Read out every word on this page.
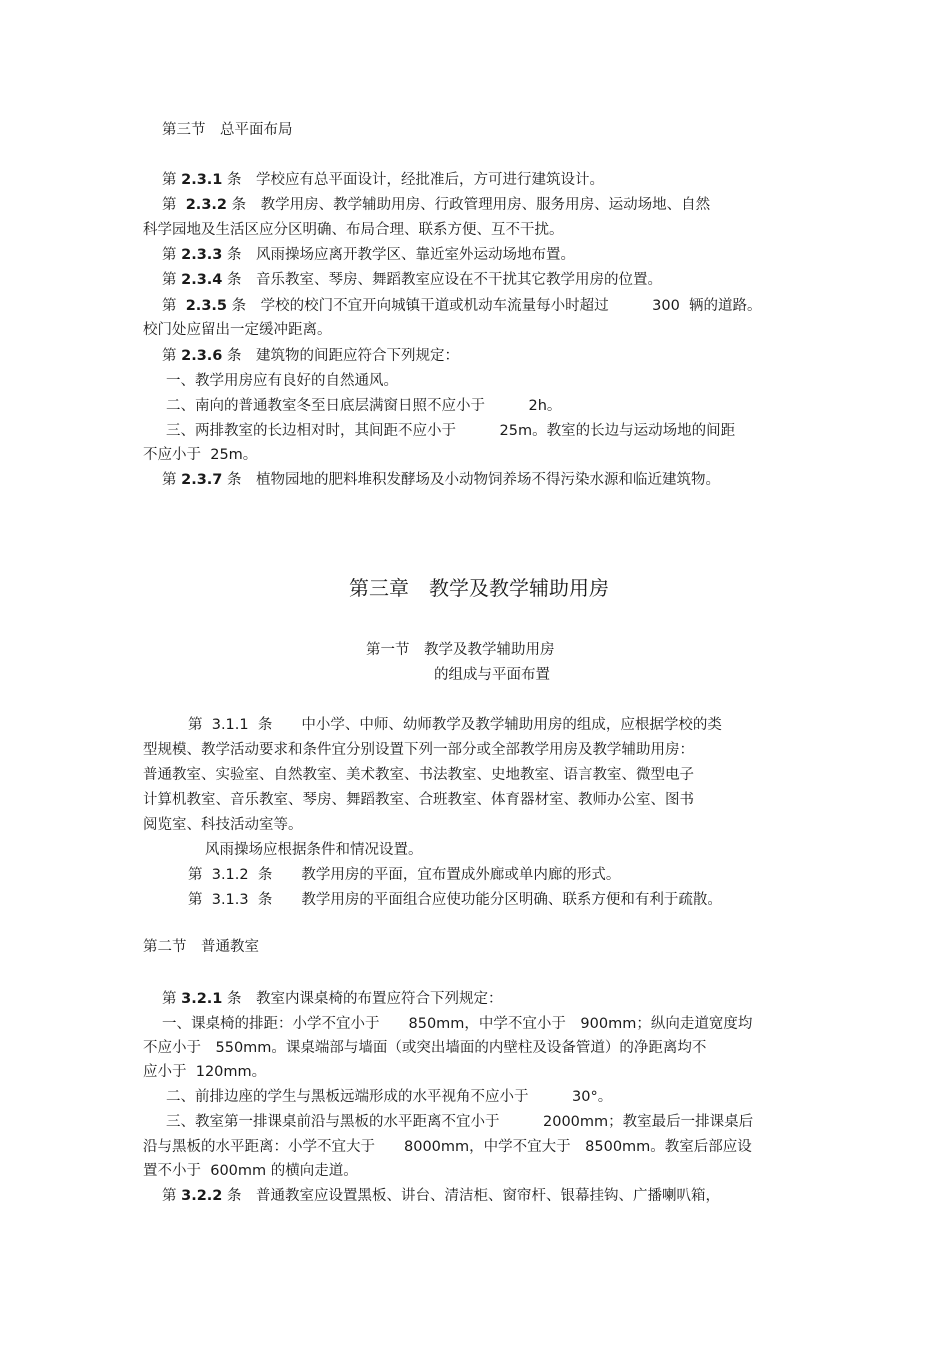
第三节　总平面布局
第 2.3.1 条　学校应有总平面设计，经批准后，方可进行建筑设计。
第  2.3.2 条　教学用房、教学辅助用房、行政管理用房、服务用房、运动场地、自然
科学园地及生活区应分区明确、布局合理、联系方便、互不干扰。
第 2.3.3 条　风雨操场应离开教学区、靠近室外运动场地布置。
第 2.3.4 条　音乐教室、琴房、舞蹈教室应设在不干扰其它教学用房的位置。
第  2.3.5 条　学校的校门不宜开向城镇干道或机动车流量每小时超过　　　300  辆的道路。
校门处应留出一定缓冲距离。
第 2.3.6 条　建筑物的间距应符合下列规定：
一、教学用房应有良好的自然通风。
二、南向的普通教室冬至日底层满窗日照不应小于　　　2h。
三、两排教室的长边相对时，其间距不应小于　　　25m。教室的长边与运动场地的间距
不应小于  25m。
第 2.3.7 条　植物园地的肥料堆积发酵场及小动物饲养场不得污染水源和临近建筑物。
第三章　教学及教学辅助用房
第一节　教学及教学辅助用房
的组成与平面布置
第  3.1.1  条　　中小学、中师、幼师教学及教学辅助用房的组成，应根据学校的类
型规模、教学活动要求和条件宜分别设置下列一部分或全部教学用房及教学辅助用房：
普通教室、实验室、自然教室、美术教室、书法教室、史地教室、语言教室、微型电子
计算机教室、音乐教室、琴房、舞蹈教室、合班教室、体育器材室、教师办公室、图书
阅览室、科技活动室等。
风雨操场应根据条件和情况设置。
第  3.1.2  条　　教学用房的平面，宜布置成外廊或单内廊的形式。
第  3.1.3  条　　教学用房的平面组合应使功能分区明确、联系方便和有利于疏散。
第二节　普通教室
第 3.2.1 条　教室内课桌椅的布置应符合下列规定：
一、课桌椅的排距：小学不宜小于　　850mm，中学不宜小于　900mm；纵向走道宽度均
不应小于　550mm。课桌端部与墙面（或突出墙面的内壁柱及设备管道）的净距离均不
应小于  120mm。
二、前排边座的学生与黑板远端形成的水平视角不应小于　　　30°。
三、教室第一排课桌前沿与黑板的水平距离不宜小于　　　2000mm；教室最后一排课桌后
沿与黑板的水平距离：小学不宜大于　　8000mm，中学不宜大于　8500mm。教室后部应设
置不小于  600mm 的横向走道。
第 3.2.2 条　普通教室应设置黑板、讲台、清洁柜、窗帘杆、银幕挂钩、广播喇叭箱，
